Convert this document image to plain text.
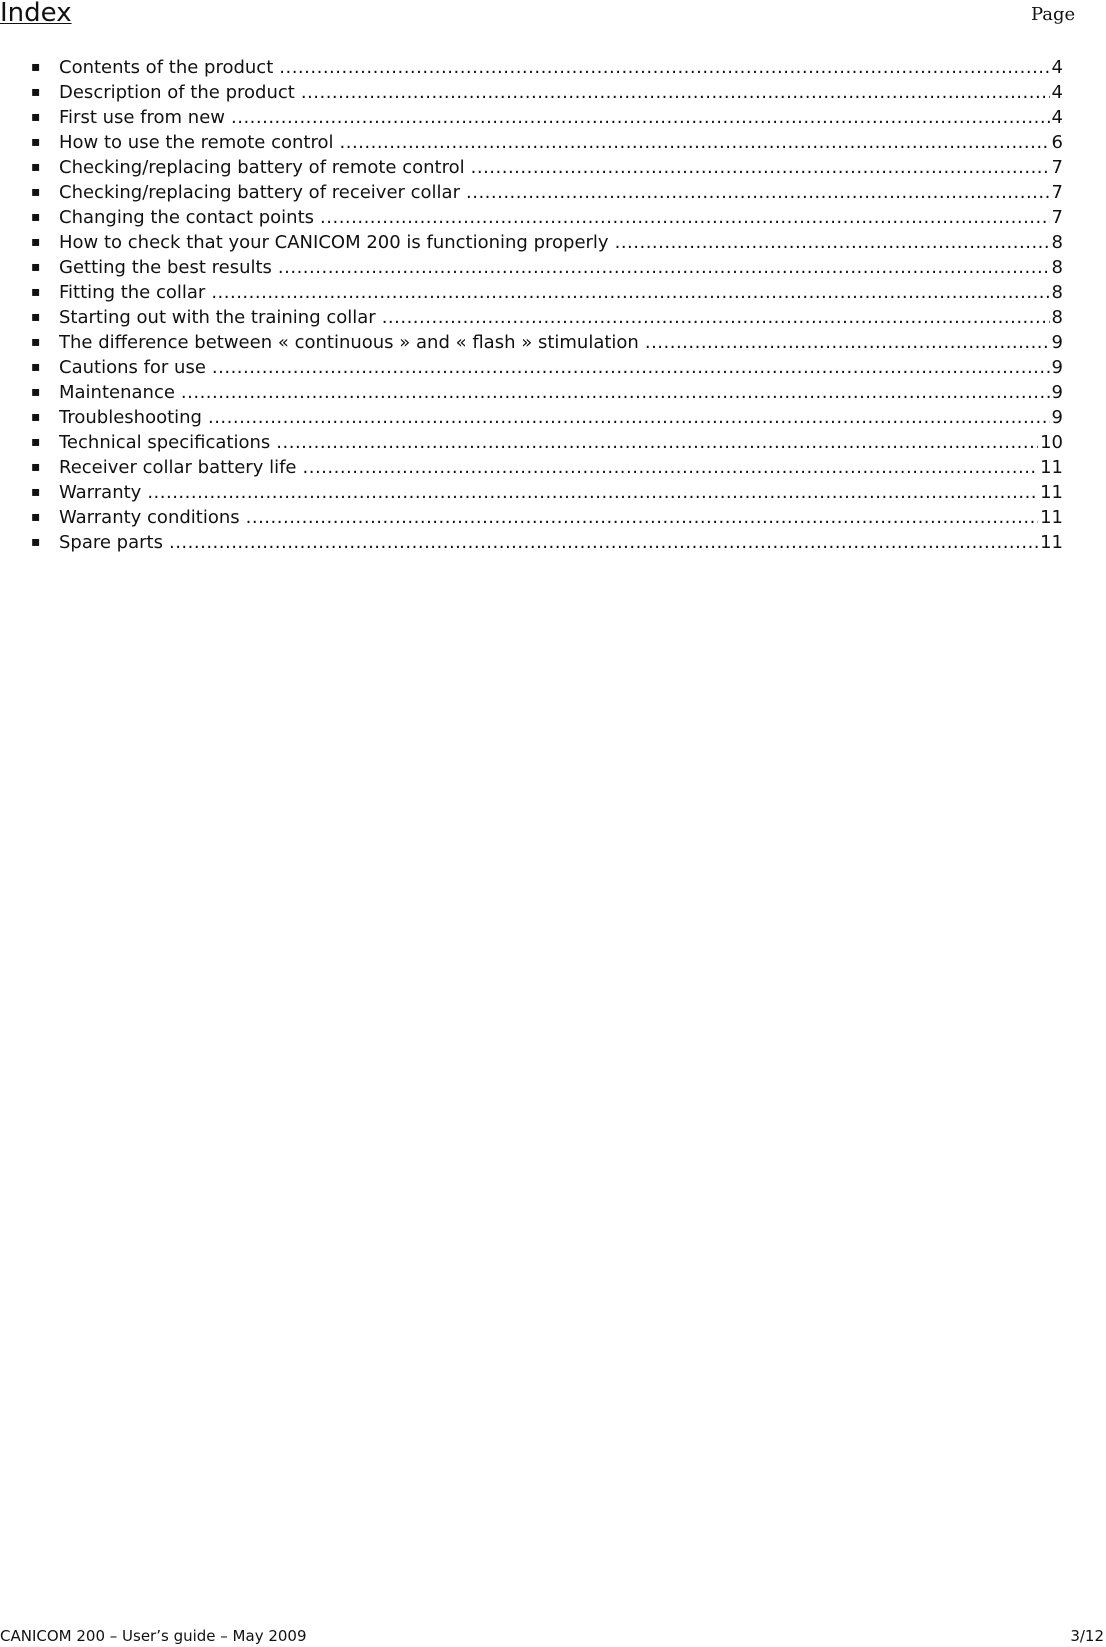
Index	Page
▪ Contents of the product .....	4
▪ Description of the product .....	4
▪ First use from new .....	4
▪ How to use the remote control .....	6
▪ Checking/replacing battery of remote control .....	7
▪ Checking/replacing battery of receiver collar .....	7
▪ Changing the contact points .....	7
▪ How to check that your CANICOM 200 is functioning properly .....	8
▪ Getting the best results .....	8
▪ Fitting the collar .....	8
▪ Starting out with the training collar .....	8
▪ The difference between « continuous » and « flash » stimulation .....	9
▪ Cautions for use .....	9
▪ Maintenance .....	9
▪ Troubleshooting .....	9
▪ Technical specifications .....	10
▪ Receiver collar battery life .....	11
▪ Warranty .....	11
▪ Warranty conditions .....	11
▪ Spare parts .....	11
CANICOM 200 – User’s guide – May 2009	3/12
